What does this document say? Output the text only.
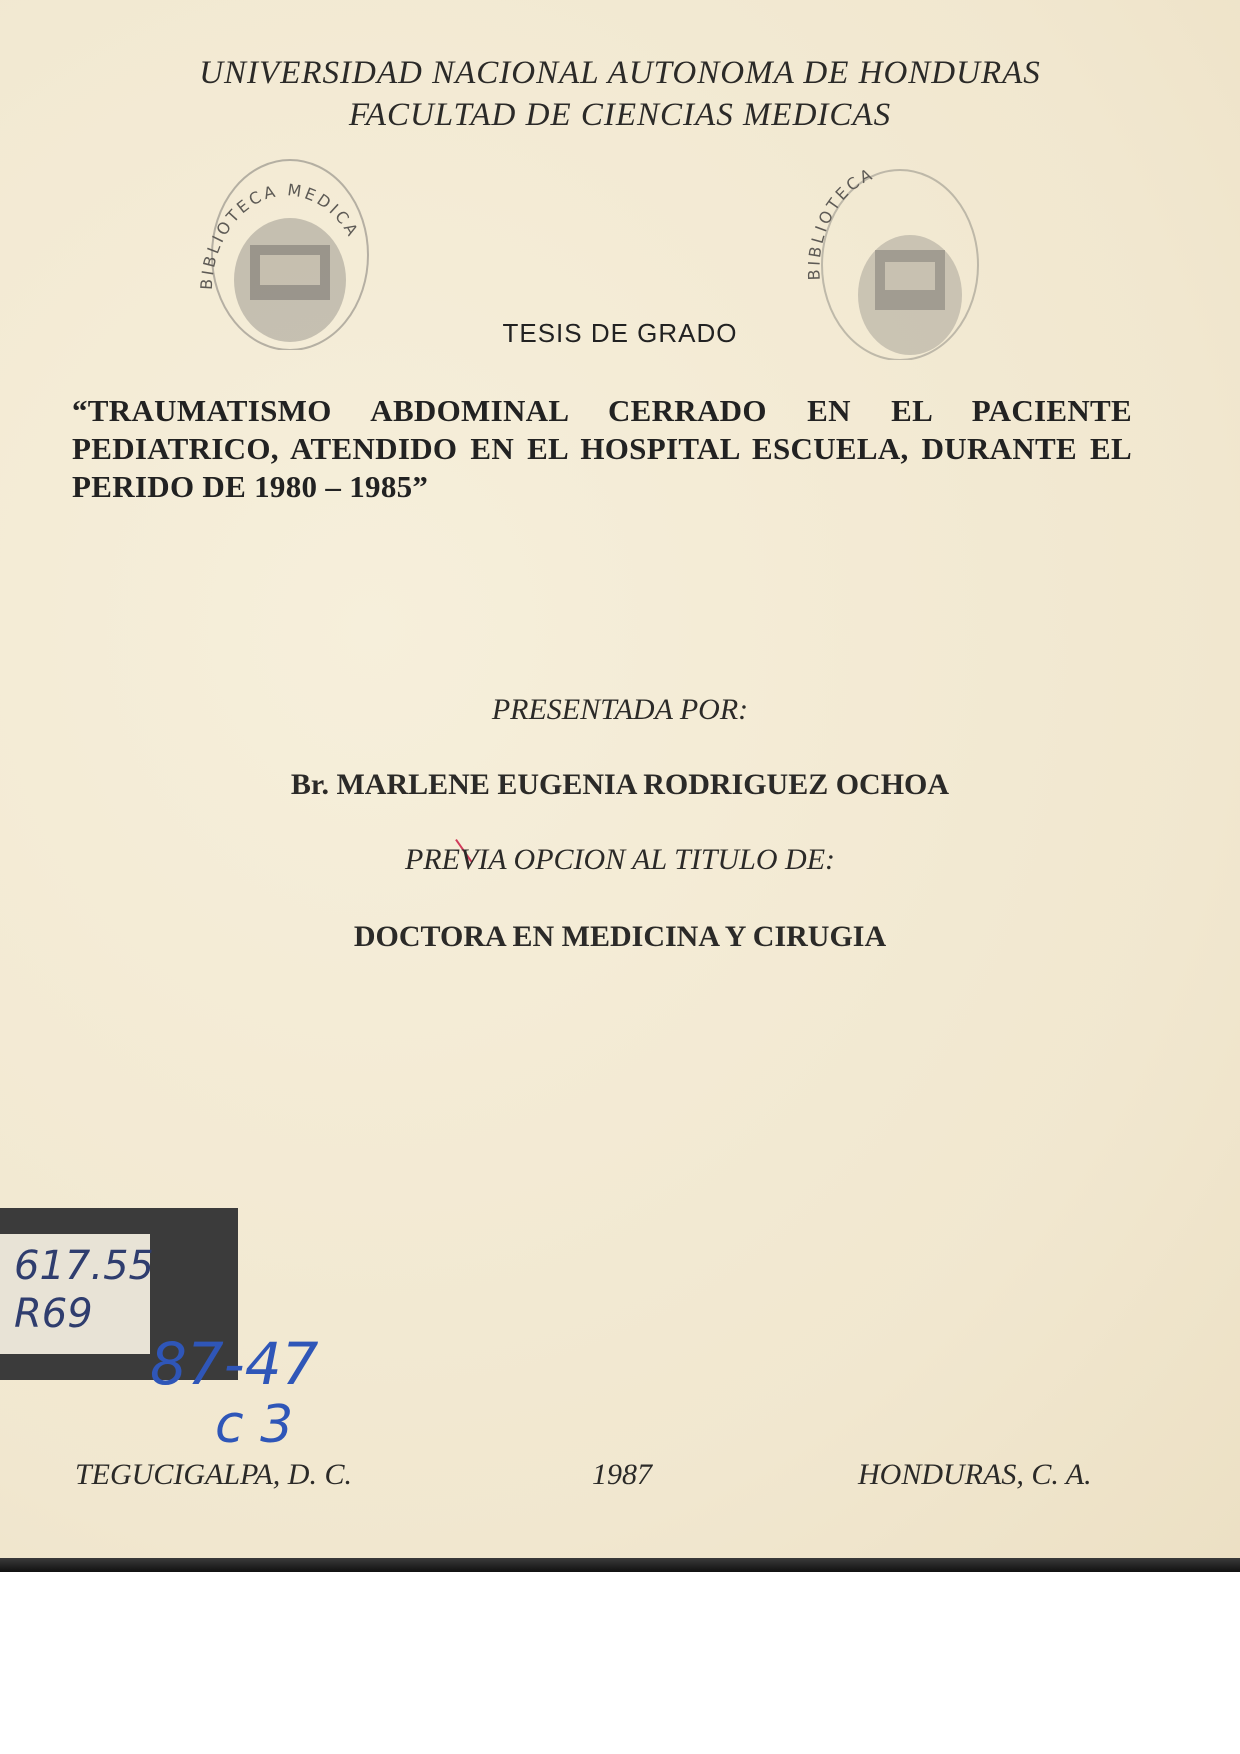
UNIVERSIDAD NACIONAL AUTONOMA DE HONDURAS
FACULTAD DE CIENCIAS MEDICAS
BIBLIOTECA MEDICA
BIBLIOTECA
TESIS DE GRADO
“TRAUMATISMO ABDOMINAL CERRADO EN EL PACIENTE PEDIATRICO, ATENDIDO EN EL HOSPITAL ESCUELA, DURANTE EL PERIDO DE 1980 – 1985”
PRESENTADA POR:
Br. MARLENE EUGENIA RODRIGUEZ OCHOA
PREVIA OPCION AL TITULO DE:
DOCTORA EN MEDICINA Y CIRUGIA
617.55
R69
87-47
c 3
TEGUCIGALPA, D. C.	1987	HONDURAS, C. A.
